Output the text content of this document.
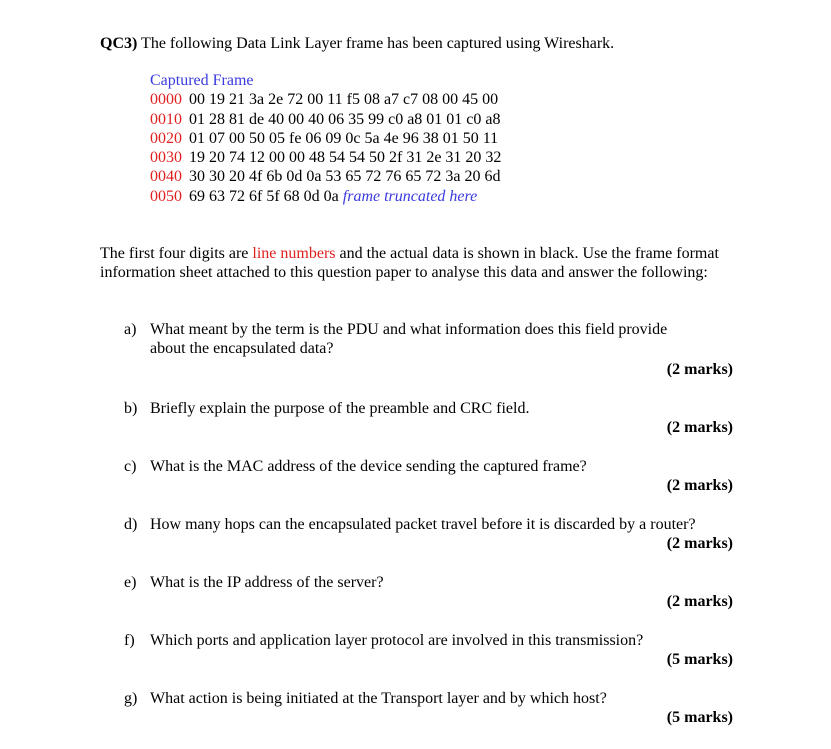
QC3) The following Data Link Layer frame has been captured using Wireshark.
Captured Frame
0000 00 19 21 3a 2e 72 00 11 f5 08 a7 c7 08 00 45 00
0010 01 28 81 de 40 00 40 06 35 99 c0 a8 01 01 c0 a8
0020 01 07 00 50 05 fe 06 09 0c 5a 4e 96 38 01 50 11
0030 19 20 74 12 00 00 48 54 54 50 2f 31 2e 31 20 32
0040 30 30 20 4f 6b 0d 0a 53 65 72 76 65 72 3a 20 6d
0050 69 63 72 6f 5f 68 0d 0a frame truncated here
The first four digits are line numbers and the actual data is shown in black. Use the frame format information sheet attached to this question paper to analyse this data and answer the following:
a) What meant by the term is the PDU and what information does this field provide
about the encapsulated data?
(2 marks)
b) Briefly explain the purpose of the preamble and CRC field.
(2 marks)
c) What is the MAC address of the device sending the captured frame?
(2 marks)
d) How many hops can the encapsulated packet travel before it is discarded by a router?
(2 marks)
e) What is the IP address of the server?
(2 marks)
f) Which ports and application layer protocol are involved in this transmission?
(5 marks)
g) What action is being initiated at the Transport layer and by which host?
(5 marks)
